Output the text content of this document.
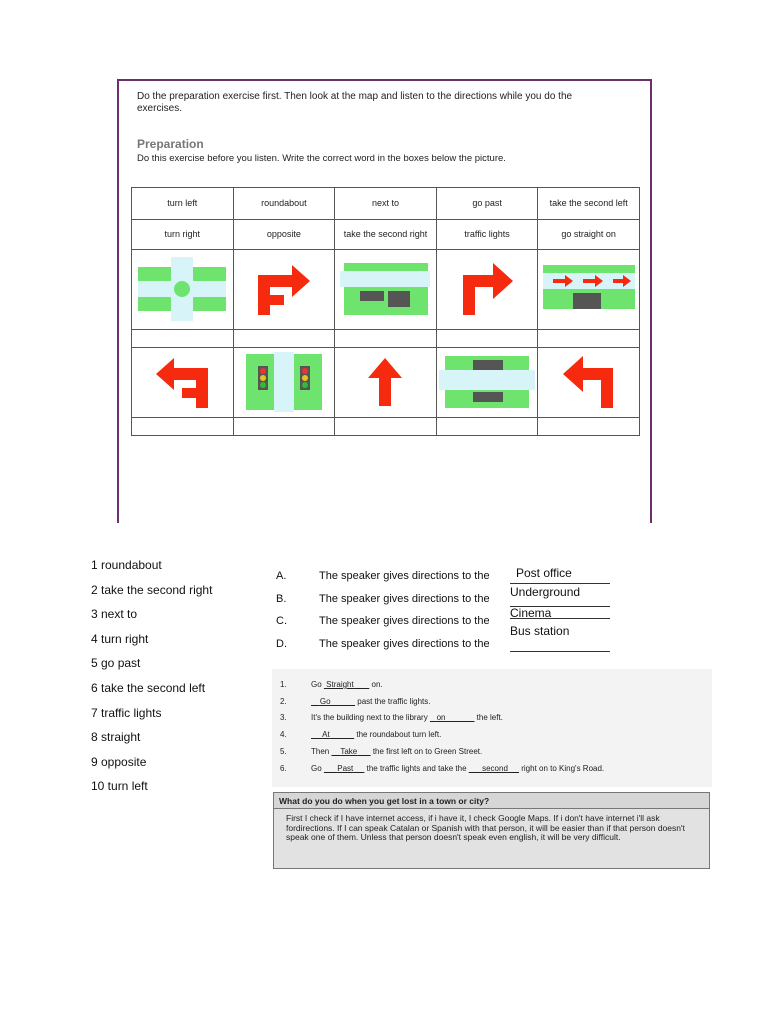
Do the preparation exercise first. Then look at the map and listen to the directions while you do the exercises.
Preparation
Do this exercise before you listen. Write the correct word in the boxes below the picture.
turn left	roundabout	next to	go past	take the second left

turn right	opposite	take the second right	traffic lights	go straight on

1 roundabout
2 take the second right
3 next to
4 turn right
5 go past
6 take the second left
7 traffic lights
8 straight
9 opposite
10 turn left
A.	The speaker gives directions to the Post office
B.	The speaker gives directions to the Underground
C.	The speaker gives directions to the
Cinema
D.	The speaker gives directions to the
Bus station
1.	Go  Straight        on.
2.	Go	past the traffic lights.
3.	It's the building next to the library    on	the left.
4.	At	the roundabout turn left.
5.	Then     Take       the first left on to Green Street.
6.	Go       Past      the traffic lights and take the       second      right on to King's Road.
What do you do when you get lost in a town or city?
First I check if I have internet access, if i have it, I check Google Maps. If i don't have internet i'll ask fordirections. If I can speak Catalan or Spanish with that person, it will be easier than if that person doesn't speak one of them. Unless that person doesn't speak even english, it will be very difficult.
